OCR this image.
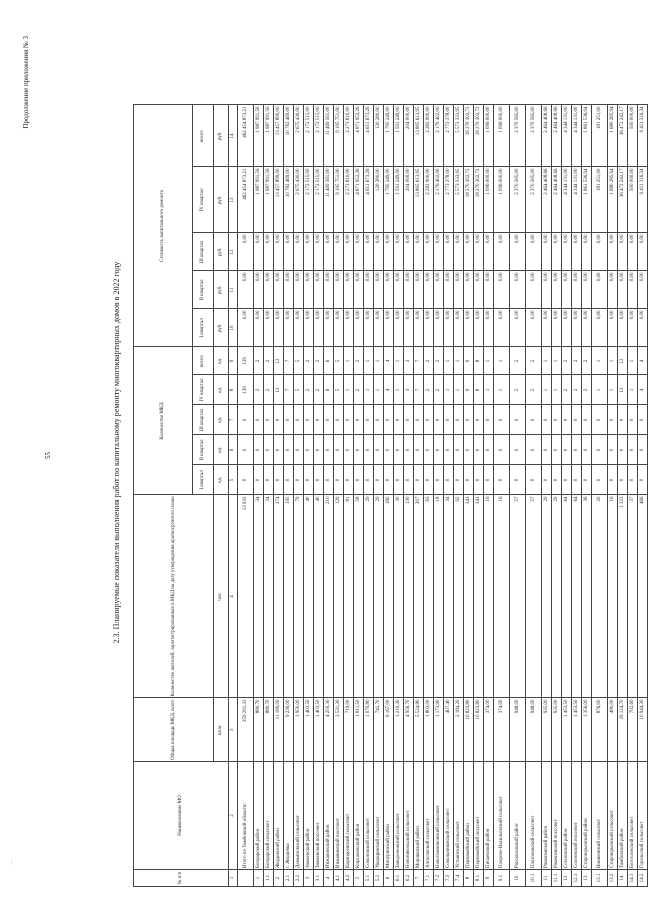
…
55
Продолжение приложения № 3
2.3. Планируемые показатели выполнения работ по капитальному ремонту многоквартирных домов в 2022 году
№ п/п	Наименование МО	Общая площадь МКД, всего	Количество жителей, зарегистрированных в МКД на дату утверждения краткосрочного плана	Количество МКД					Стоимость капитального ремонта				
				I квартал	II квартал	III квартал	IV квартал	всего:	I квартал	II квартал	III квартал	IV квартал	всего:
		кв.м.	чел.	ед.	ед.	ед.	ед.	ед.	руб.	руб.	руб.	руб.	руб.
1	2	3	4	5	6	7	8	9	10	11	12	13	14
	Итого по Тамбовской области:	359 291,33	13 933	0	0	0	139	139	0,00	0,00	0,00	462 454 873,21	462 454 873,21
1	Бондарский район	880,70	34	0	0	0	2	2	0,00	0,00	0,00	1 987 991,56	1 987 991,56
1.1	Бондарский сельсовет	880,70	34	0	0	0	2	2	0,00	0,00	0,00	1 987 991,56	1 987 991,56
2	Жердевский район	11 189,00	274	0	0	0	12	12	0,00	0,00	0,00	13 457 899,00	13 457 899,00
2.1	г. Жердевка	9 239,00	195	0	0	0	7	7	0,00	0,00	0,00	10 782 469,00	10 782 469,00
2.2	Демьяновский сельсовет	1 950,00	79	0	0	0	5	5	0,00	0,00	0,00	2 675 430,00	2 675 430,00
3	Знаменский район	1 403,50	40	0	0	0	2	2	0,00	0,00	0,00	2 172 515,00	2 172 515,00
3.1	Знаменский поссовет	1 403,50	40	0	0	0	2	2	0,00	0,00	0,00	2 172 515,00	2 172 515,00
4	Инжавинский район	4 250,30	210	0	0	0	6	6	0,00	0,00	0,00	11 469 561,00	11 469 561,00
4.1	Инжавинский поссовет	3 531,30	129	0	0	0	5	5	0,00	0,00	0,00	9 195 751,00	9 195 751,00
4.2	Карандеевский сельсовет	719,00	81	0	0	0	1	1	0,00	0,00	0,00	2 273 810,00	2 273 810,00
5	Кирсановский район	1 811,50	58	0	0	0	2	2	0,00	0,00	0,00	4 871 952,26	4 871 952,26
5.1	Соколовский сельсовет	1 070,80	29	0	0	0	1	1	0,00	0,00	0,00	4 651 673,26	4 651 673,26
5.2	Уварщинский сельсовет	741,70	29	0	0	0	1	1	0,00	0,00	0,00	120 280,00	120 280,00
6	Мичуринский район	6 167,00	160	0	0	0	4	4	0,00	0,00	0,00	1 795 249,00	1 795 249,00
6.1	Заворонежский сельсовет	1 210,30	30	0	0	0	1	1	0,00	0,00	0,00	1 591 249,00	1 591 249,00
6.2	Новоникольский сельсовет	4 956,70	130	0	0	0	3	3	0,00	0,00	0,00	204 000,00	204 000,00
7	Моршанский район	5 524,80	207	0	0	0	7	7	0,00	0,00	0,00	13 805 613,95	13 805 613,95
7.1	Алгасовский сельсовет	1 803,00	63	0	0	0	2	2	0,00	0,00	0,00	2 282 900,00	2 282 900,00
7.2	Новотомниковский сельсовет	1 173,90	18	0	0	0	2	2	0,00	0,00	0,00	2 176 402,00	2 176 402,00
7.3	Сокольниковский сельсовет	407,40	34	0	0	0	1	1	0,00	0,00	0,00	2 773 378,00	2 773 378,00
7.4	Устьинский сельсовет	2 184,20	92	0	0	0	1	1	0,00	0,00	0,00	5 573 333,95	5 573 333,95
8	Первомайский район	10 823,80	343	0	0	0	9	9	0,00	0,00	0,00	18 270 302,72	18 270 302,72
8.1	Первомайский поссовет	10 823,80	343	0	0	0	8	8	0,00	0,00	0,00	18 270 302,72	18 270 302,72
9	Пичаевский район	374,00	16	0	0	0	1	1	0,00	0,00	0,00	1 096 000,00	1 096 000,00
9.1	Покрово-Васильевский сельсовет	374,00	16	0	0	0	1	1	0,00	0,00	0,00	1 096 000,00	1 096 000,00
10	Рассказовский район	948,00	57	0	0	0	2	2	0,00	0,00	0,00	2 370 565,00	2 370 565,00
10.1	Платоновский сельсовет	948,00	57	0	0	0	2	2	0,00	0,00	0,00	2 370 565,00	2 370 565,00
11	Ржаксинский район	935,00	29	0	0	0	1	1	0,00	0,00	0,00	2 464 408,66	2 464 408,66
11.1	Ржаксинский поссовет	935,00	29	0	0	0	1	1	0,00	0,00	0,00	2 464 408,66	2 464 408,66
12	Сосновский район	1 453,50	64	0	0	0	2	2	0,00	0,00	0,00	4 344 131,00	4 344 131,00
12.1	Сосновский поссовет	1 453,50	64	0	0	0	2	2	0,00	0,00	0,00	4 344 131,00	4 344 131,00
13	Староюрьевский район	1 356,00	36	0	0	0	2	2	0,00	0,00	0,00	1 861 536,94	1 861 536,94
13.1	Вишневский сельсовет	876,00	20	0	0	0	1	1	0,00	0,00	0,00	181 251,00	181 251,00
13.2	Староюрьевский сельсовет	480,00	16	0	0	0	1	1	0,00	0,00	0,00	1 680 285,94	1 680 285,94
14	Тамбовский район	29 124,70	1 323	0	0	0	12	12	0,00	0,00	0,00	36 472 242,17	36 472 242,17
14.1	Богословский сельсовет	792,60	37	0	0	0	1	1	0,00	0,00	0,00	500 000,00	500 000,00
14.2	Горельский сельсовет	10 944,30	466	0	0	0	4	4	0,00	0,00	0,00	9 411 316,34	9 411 316,34
